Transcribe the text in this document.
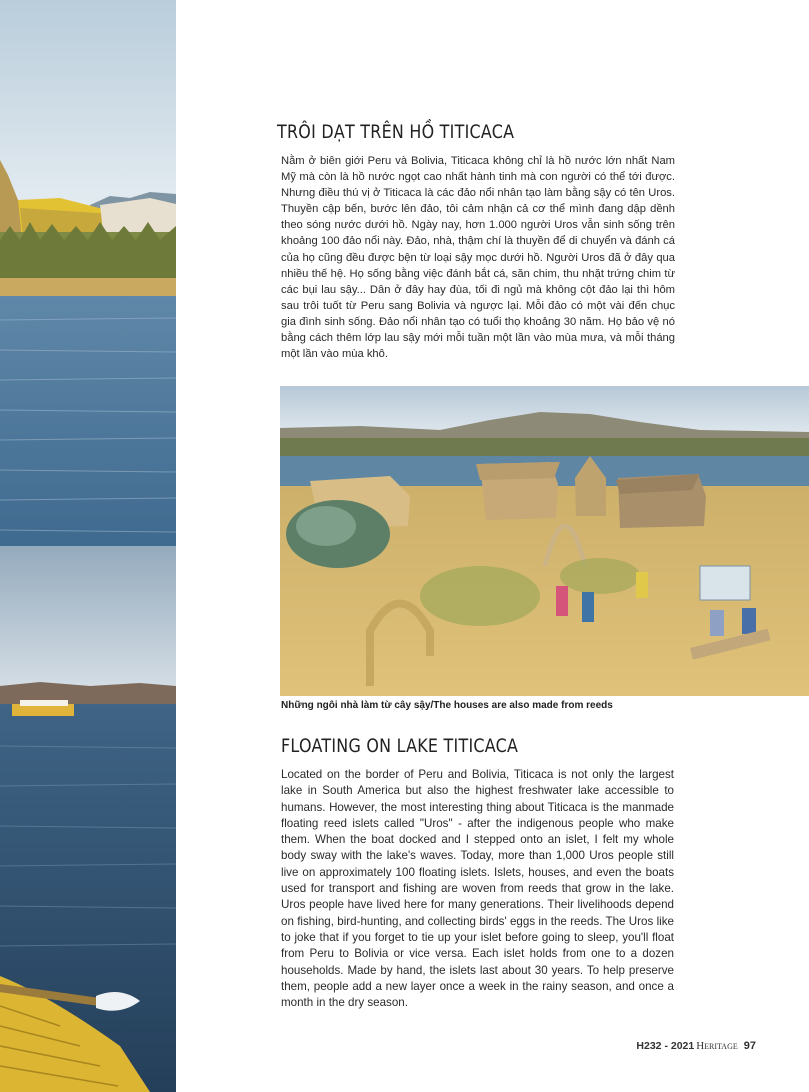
TRÔI DẠT TRÊN HỒ TITICACA

Nằm ở biên giới Peru và Bolivia, Titicaca không chỉ là hồ nước lớn nhất Nam Mỹ mà còn là hồ nước ngọt cao nhất hành tinh mà con người có thể tới được. Nhưng điều thú vị ở Titicaca là các đảo nổi nhân tạo làm bằng sậy có tên Uros. Thuyền cập bến, bước lên đảo, tôi cảm nhận cả cơ thể mình đang dập dềnh theo sóng nước dưới hồ. Ngày nay, hơn 1.000 người Uros vẫn sinh sống trên khoảng 100 đảo nổi này. Đảo, nhà, thậm chí là thuyền để di chuyển và đánh cá của họ cũng đều được bện từ loại sậy mọc dưới hồ. Người Uros đã ở đây qua nhiều thế hệ. Họ sống bằng việc đánh bắt cá, săn chim, thu nhặt trứng chim từ các bụi lau sậy... Dân ở đây hay đùa, tối đi ngủ mà không cột đảo lại thì hôm sau trôi tuốt từ Peru sang Bolivia và ngược lại. Mỗi đảo có một vài đến chục gia đình sinh sống. Đảo nổi nhân tạo có tuổi thọ khoảng 30 năm. Họ bảo vệ nó bằng cách thêm lớp lau sậy mới mỗi tuần một lần vào mùa mưa, và mỗi tháng một lần vào mùa khô.

Những ngôi nhà làm từ cây sậy/The houses are also made from reeds

FLOATING ON LAKE TITICACA

Located on the border of Peru and Bolivia, Titicaca is not only the largest lake in South America but also the highest freshwater lake accessible to humans. However, the most interesting thing about Titicaca is the manmade floating reed islets called "Uros" - after the indigenous people who make them. When the boat docked and I stepped onto an islet, I felt my whole body sway with the lake's waves. Today, more than 1,000 Uros people still live on approximately 100 floating islets. Islets, houses, and even the boats used for transport and fishing are woven from reeds that grow in the lake. Uros people have lived here for many generations. Their livelihoods depend on fishing, bird-hunting, and collecting birds' eggs in the reeds. The Uros like to joke that if you forget to tie up your islet before going to sleep, you'll float from Peru to Bolivia or vice versa. Each islet holds from one to a dozen households. Made by hand, the islets last about 30 years. To help preserve them, people add a new layer once a week in the rainy season, and once a month in the dry season.

H232 - 2021 Heritage 97
